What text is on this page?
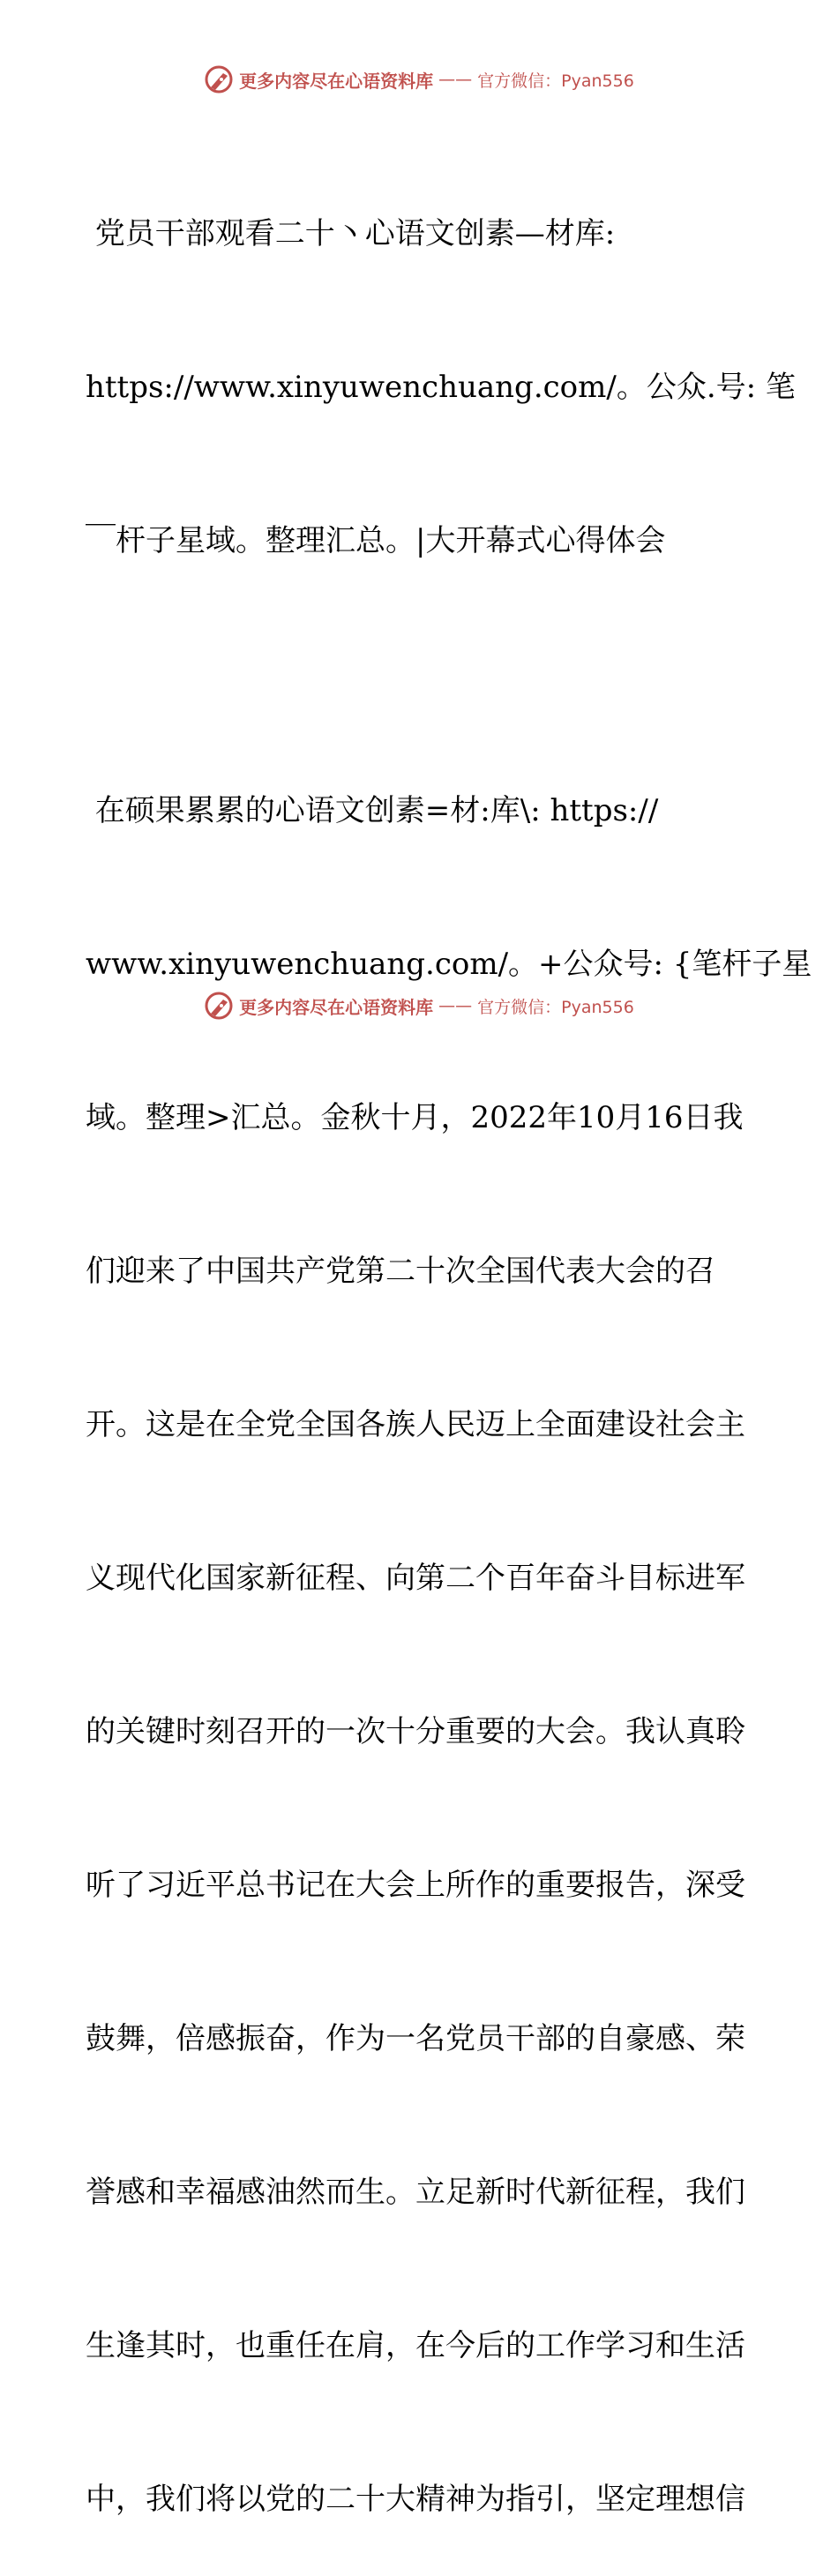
更多内容尽在心语资料库 —— 官方微信：Pyan556

党员干部观看二十丶心语文创素—材库:

https://www.xinyuwenchuang.com/。公众.号: 笔

￣杆子星域。整理汇总。|大开幕式心得体会

在硕果累累的心语文创素=材:库\: https://

www.xinyuwenchuang.com/。+公众号: {笔杆子星

域。整理>汇总。金秋十月，2022年10月16日我

们迎来了中国共产党第二十次全国代表大会的召

开。这是在全党全国各族人民迈上全面建设社会主

义现代化国家新征程、向第二个百年奋斗目标进军

的关键时刻召开的一次十分重要的大会。我认真聆

听了习近平总书记在大会上所作的重要报告，深受

鼓舞，倍感振奋，作为一名党员干部的自豪感、荣

誉感和幸福感油然而生。立足新时代新征程，我们

生逢其时，也重任在肩，在今后的工作学习和生活

中，我们将以党的二十大精神为指引，坚定理想信

更多内容尽在心语资料库 —— 官方微信：Pyan556
